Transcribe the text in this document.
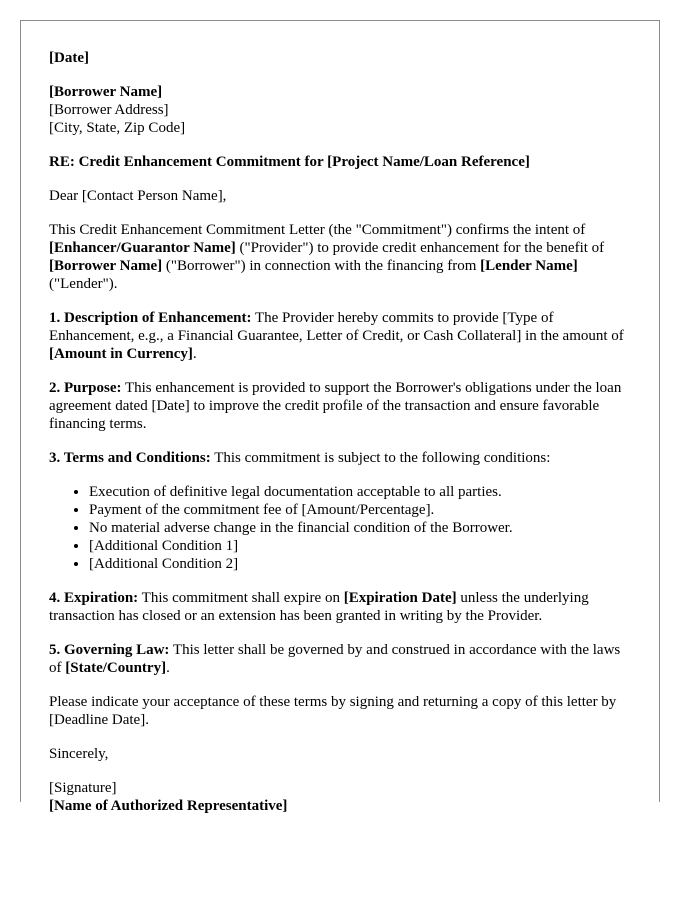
[Date]

[Borrower Name]
[Borrower Address]
[City, State, Zip Code]

RE: Credit Enhancement Commitment for [Project Name/Loan Reference]

Dear [Contact Person Name],

This Credit Enhancement Commitment Letter (the "Commitment") confirms the intent of [Enhancer/Guarantor Name] ("Provider") to provide credit enhancement for the benefit of [Borrower Name] ("Borrower") in connection with the financing from [Lender Name] ("Lender").

1. Description of Enhancement: The Provider hereby commits to provide [Type of Enhancement, e.g., a Financial Guarantee, Letter of Credit, or Cash Collateral] in the amount of [Amount in Currency].

2. Purpose: This enhancement is provided to support the Borrower's obligations under the loan agreement dated [Date] to improve the credit profile of the transaction and ensure favorable financing terms.

3. Terms and Conditions: This commitment is subject to the following conditions:

• Execution of definitive legal documentation acceptable to all parties.
• Payment of the commitment fee of [Amount/Percentage].
• No material adverse change in the financial condition of the Borrower.
• [Additional Condition 1]
• [Additional Condition 2]

4. Expiration: This commitment shall expire on [Expiration Date] unless the underlying transaction has closed or an extension has been granted in writing by the Provider.

5. Governing Law: This letter shall be governed by and construed in accordance with the laws of [State/Country].

Please indicate your acceptance of these terms by signing and returning a copy of this letter by [Deadline Date].

Sincerely,

[Signature]
[Name of Authorized Representative]
